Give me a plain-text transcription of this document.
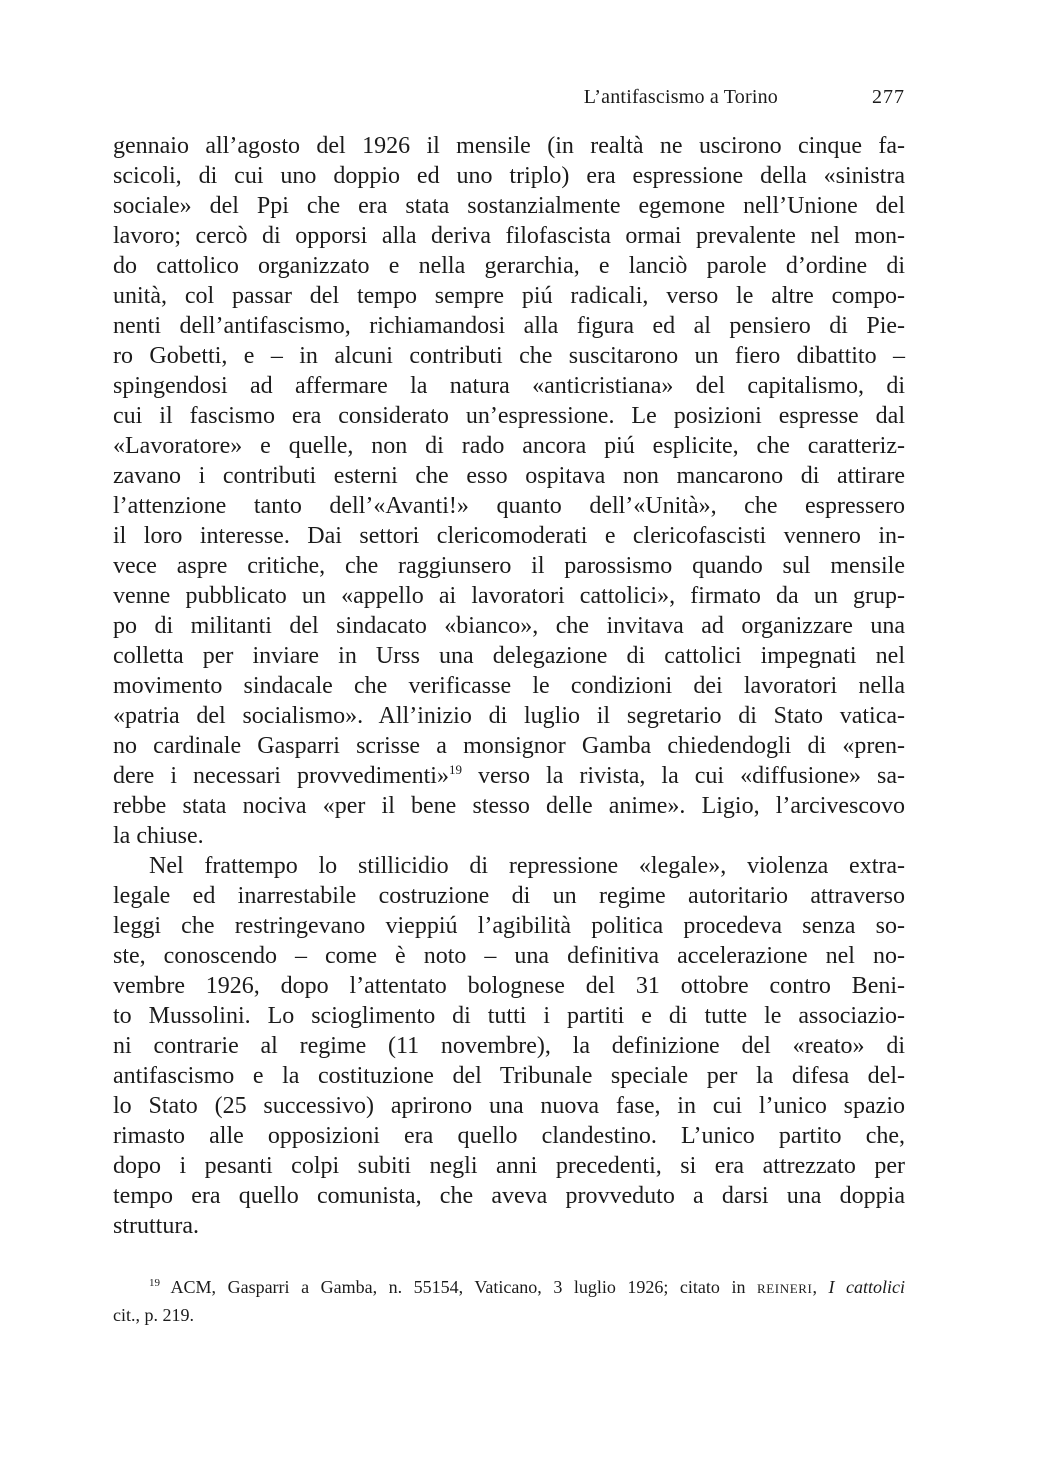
L’antifascismo a Torino	277
gennaio all’agosto del 1926 il mensile (in realtà ne uscirono cinque fa-
scicoli, di cui uno doppio ed uno triplo) era espressione della «sinistra
sociale» del Ppi che era stata sostanzialmente egemone nell’Unione del
lavoro; cercò di opporsi alla deriva filofascista ormai prevalente nel mon-
do cattolico organizzato e nella gerarchia, e lanciò parole d’ordine di
unità, col passar del tempo sempre piú radicali, verso le altre compo-
nenti dell’antifascismo, richiamandosi alla figura ed al pensiero di Pie-
ro Gobetti, e – in alcuni contributi che suscitarono un fiero dibattito –
spingendosi ad affermare la natura «anticristiana» del capitalismo, di
cui il fascismo era considerato un’espressione. Le posizioni espresse dal
«Lavoratore» e quelle, non di rado ancora piú esplicite, che caratteriz-
zavano i contributi esterni che esso ospitava non mancarono di attirare
l’attenzione tanto dell’«Avanti!» quanto dell’«Unità», che espressero
il loro interesse. Dai settori clericomoderati e clericofascisti vennero in-
vece aspre critiche, che raggiunsero il parossismo quando sul mensile
venne pubblicato un «appello ai lavoratori cattolici», firmato da un grup-
po di militanti del sindacato «bianco», che invitava ad organizzare una
colletta per inviare in Urss una delegazione di cattolici impegnati nel
movimento sindacale che verificasse le condizioni dei lavoratori nella
«patria del socialismo». All’inizio di luglio il segretario di Stato vatica-
no cardinale Gasparri scrisse a monsignor Gamba chiedendogli di «pren-
dere i necessari provvedimenti»$^{19}$ verso la rivista, la cui «diffusione» sa-
rebbe stata nociva «per il bene stesso delle anime». Ligio, l’arcivescovo
la chiuse.
Nel frattempo lo stillicidio di repressione «legale», violenza extra-
legale ed inarrestabile costruzione di un regime autoritario attraverso
leggi che restringevano vieppiú l’agibilità politica procedeva senza so-
ste, conoscendo – come è noto – una definitiva accelerazione nel no-
vembre 1926, dopo l’attentato bolognese del 31 ottobre contro Beni-
to Mussolini. Lo scioglimento di tutti i partiti e di tutte le associazio-
ni contrarie al regime (11 novembre), la definizione del «reato» di
antifascismo e la costituzione del Tribunale speciale per la difesa del-
lo Stato (25 successivo) aprirono una nuova fase, in cui l’unico spazio
rimasto alle opposizioni era quello clandestino. L’unico partito che,
dopo i pesanti colpi subiti negli anni precedenti, si era attrezzato per
tempo era quello comunista, che aveva provveduto a darsi una doppia
struttura.
$^{19}$ ACM, Gasparri a Gamba, n. 55154, Vaticano, 3 luglio 1926; citato in REINERI, I cattolici
cit., p. 219.
